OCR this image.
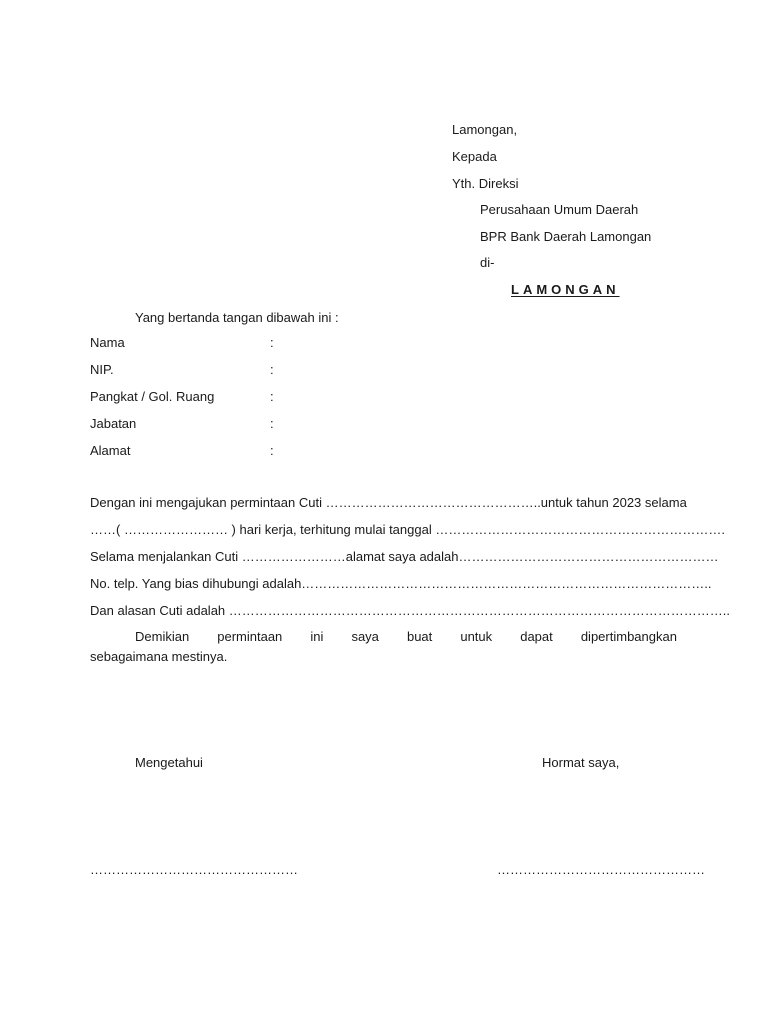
Lamongan,
Kepada
Yth. Direksi
Perusahaan Umum Daerah
BPR Bank Daerah Lamongan
di-
LAMONGAN
Yang bertanda tangan dibawah ini :
Nama	:
NIP.	:
Pangkat / Gol. Ruang	:
Jabatan	:
Alamat	:
Dengan ini mengajukan permintaan Cuti …………………………………………..untuk tahun 2023 selama
……( …………………… ) hari kerja, terhitung mulai tanggal ………………………………………………………….
Selama menjalankan Cuti ……………………alamat saya adalah……………………………………………………
No. telp. Yang bias dihubungi adalah…………………………………………………………………………………..
Dan alasan Cuti adalah ……………………………………………………………………………………………………..
Demikian permintaan ini saya buat untuk dapat dipertimbangkan
sebagaimana mestinya.
Mengetahui	Hormat saya,
…………………………………………	…………………………………………
